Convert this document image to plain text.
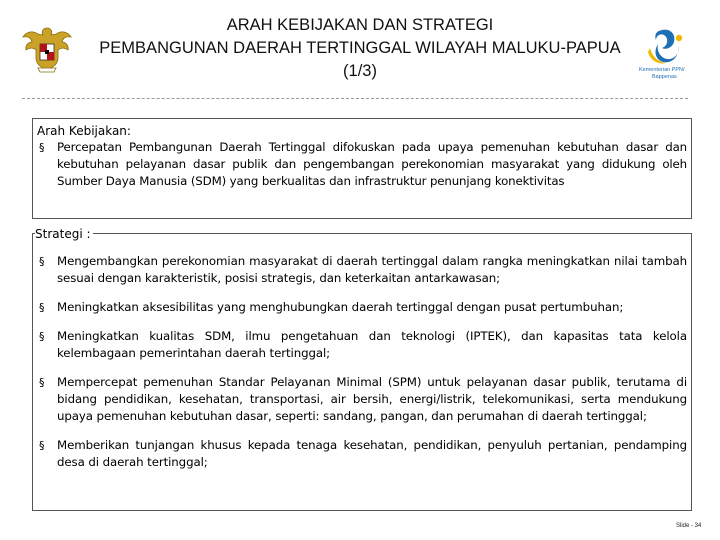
ARAH KEBIJAKAN DAN STRATEGI
PEMBANGUNAN DAERAH TERTINGGAL WILAYAH MALUKU-PAPUA
(1/3)	Kementerian PPN/
Bappenas
Arah Kebijakan:
§ Percepatan Pembangunan Daerah Tertinggal difokuskan pada upaya pemenuhan kebutuhan dasar dan kebutuhan pelayanan dasar publik dan pengembangan perekonomian masyarakat yang didukung oleh Sumber Daya Manusia (SDM) yang berkualitas dan infrastruktur penunjang konektivitas
Strategi :
§ Mengembangkan perekonomian masyarakat di daerah tertinggal dalam rangka meningkatkan nilai tambah sesuai dengan karakteristik, posisi strategis, dan keterkaitan antarkawasan;
§ Meningkatkan aksesibilitas yang menghubungkan daerah tertinggal dengan pusat pertumbuhan;
§ Meningkatkan kualitas SDM, ilmu pengetahuan dan teknologi (IPTEK), dan kapasitas tata kelola kelembagaan pemerintahan daerah tertinggal;
§ Mempercepat pemenuhan Standar Pelayanan Minimal (SPM) untuk pelayanan dasar publik, terutama di bidang pendidikan, kesehatan, transportasi, air bersih, energi/listrik, telekomunikasi, serta mendukung upaya pemenuhan kebutuhan dasar, seperti: sandang, pangan, dan perumahan di daerah tertinggal;
§ Memberikan tunjangan khusus kepada tenaga kesehatan, pendidikan, penyuluh pertanian, pendamping desa di daerah tertinggal;
Slide - 34
